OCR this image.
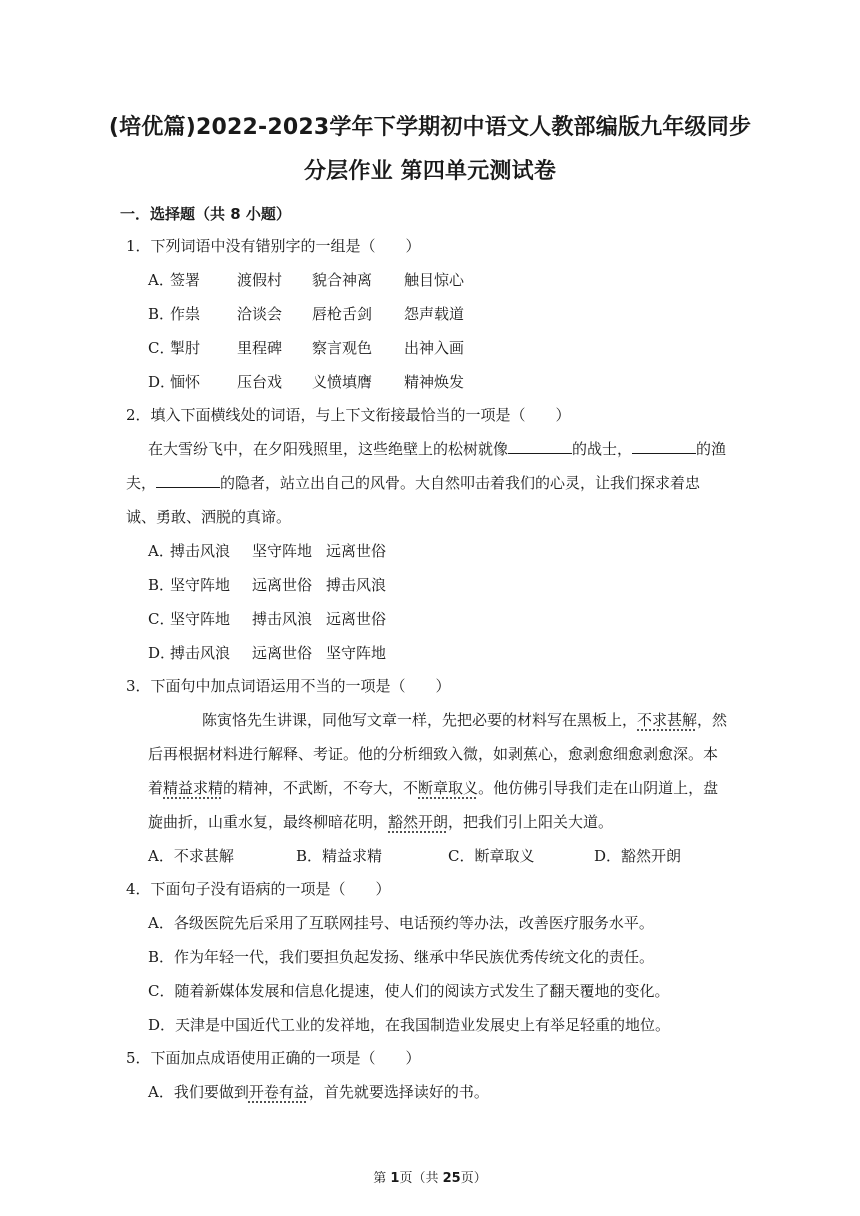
(培优篇)2022-2023学年下学期初中语文人教部编版九年级同步
分层作业 第四单元测试卷
一．选择题（共 8 小题）
1．下列词语中没有错别字的一组是（　　）
A．签署 渡假村 貌合神离 触目惊心
B．作祟 洽谈会 唇枪舌剑 怨声载道
C．掣肘 里程碑 察言观色 出神入画
D．愐怀 压台戏 义愤填膺 精神焕发
2．填入下面横线处的词语，与上下文衔接最恰当的一项是（　　）
在大雪纷飞中，在夕阳残照里，这些绝壁上的松树就像	的战士，	的渔
夫，	的隐者，站立出自己的风骨。大自然叩击着我们的心灵，让我们探求着忠
诚、勇敢、洒脱的真谛。
A．搏击风浪 坚守阵地 远离世俗
B．坚守阵地 远离世俗 搏击风浪
C．坚守阵地 搏击风浪 远离世俗
D．搏击风浪 远离世俗 坚守阵地
3．下面句中加点词语运用不当的一项是（　　）
陈寅恪先生讲课，同他写文章一样，先把必要的材料写在黑板上，不求甚解，然
后再根据材料进行解释、考证。他的分析细致入微，如剥蕉心，愈剥愈细愈剥愈深。本
着精益求精的精神，不武断，不夸大，不断章取义。他仿佛引导我们走在山阴道上，盘
旋曲折，山重水复，最终柳暗花明，豁然开朗，把我们引上阳关大道。
A．不求甚解	B．精益求精	C．断章取义	D．豁然开朗
4．下面句子没有语病的一项是（　　）
A．各级医院先后采用了互联网挂号、电话预约等办法，改善医疗服务水平。
B．作为年轻一代，我们要担负起发扬、继承中华民族优秀传统文化的责任。
C．随着新媒体发展和信息化提速，使人们的阅读方式发生了翻天覆地的变化。
D．天津是中国近代工业的发祥地，在我国制造业发展史上有举足轻重的地位。
5．下面加点成语使用正确的一项是（　　）
A．我们要做到开卷有益，首先就要选择读好的书。
第 1页（共 25页）
